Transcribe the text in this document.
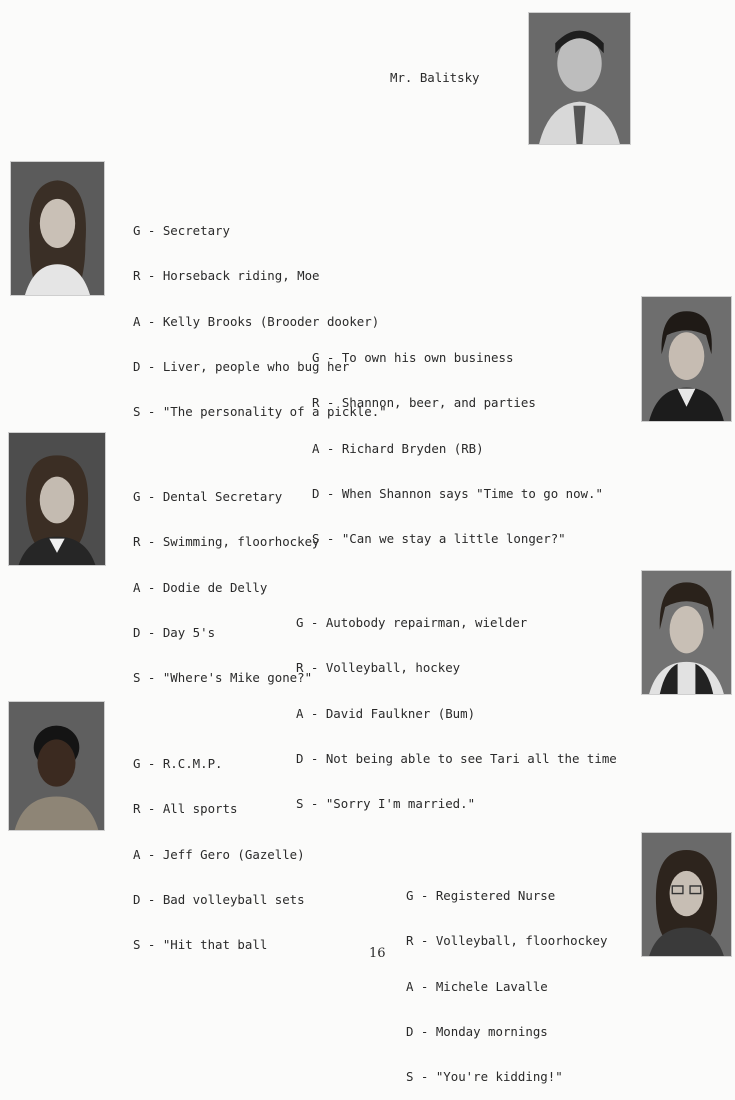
Mr. Balitsky

G - Secretary

R - Horseback riding, Moe

A - Kelly Brooks (Brooder dooker)

D - Liver, people who bug her

S - "The personality of a pickle."

G - To own his own business

R - Shannon, beer, and parties

A - Richard Bryden (RB)

D - When Shannon says "Time to go now."

S - "Can we stay a little longer?"

G - Dental Secretary

R - Swimming, floorhockey

A - Dodie de Delly

D - Day 5's

S - "Where's Mike gone?"

G - Autobody repairman, wielder

R - Volleyball, hockey

A - David Faulkner (Bum)

D - Not being able to see Tari all the time

S - "Sorry I'm married."

G - R.C.M.P.

R - All sports

A - Jeff Gero (Gazelle)

D - Bad volleyball sets

S - "Hit that ball

G - Registered Nurse

R - Volleyball, floorhockey

A - Michele Lavalle

D - Monday mornings

S - "You're kidding!"

16
